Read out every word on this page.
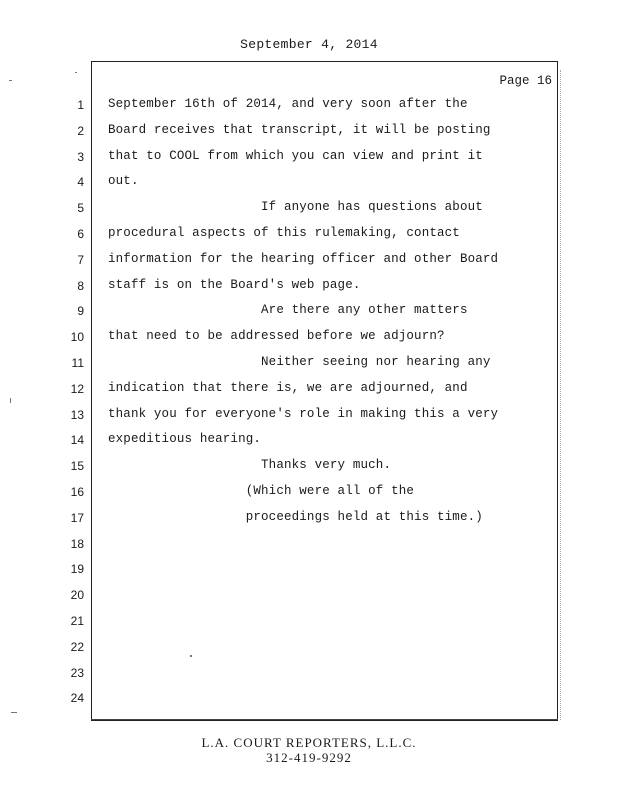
September 4, 2014
Page 16
1 September 16th of 2014, and very soon after the
2 Board receives that transcript, it will be posting
3 that to COOL from which you can view and print it
4 out.
5 If anyone has questions about
6 procedural aspects of this rulemaking, contact
7 information for the hearing officer and other Board
8 staff is on the Board's web page.
9 Are there any other matters
10 that need to be addressed before we adjourn?
11 Neither seeing nor hearing any
12 indication that there is, we are adjourned, and
13 thank you for everyone's role in making this a very
14 expeditious hearing.
15 Thanks very much.
16 (Which were all of the
17 proceedings held at this time.)
18
19
20
21
22
23
24
L.A. COURT REPORTERS, L.L.C.
312-419-9292
